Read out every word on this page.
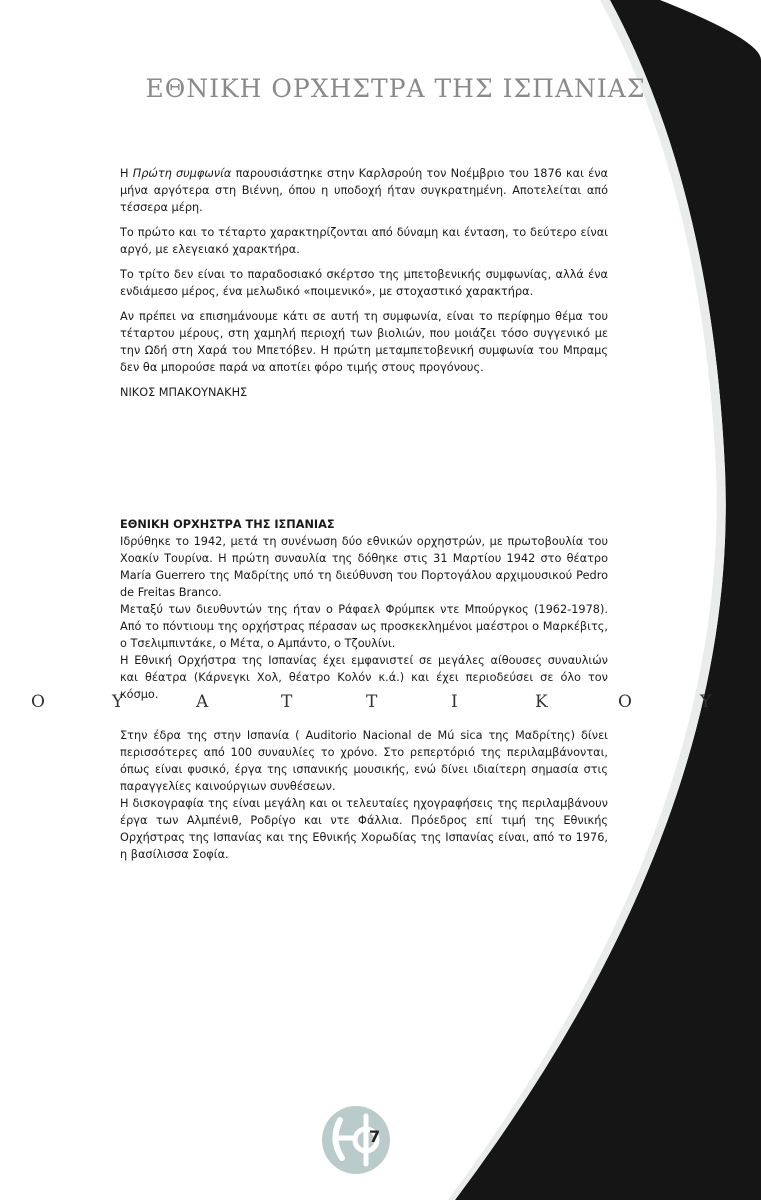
ΕΘΝΙΚΗ ΟΡΧΗΣΤΡΑ ΤΗΣ ΙΣΠΑΝΙΑΣ

Η Πρώτη συμφωνία παρουσιάστηκε στην Καρλσρούη τον Νοέμβριο του 1876 και ένα μήνα αργότερα στη Βιέννη, όπου η υποδοχή ήταν συγκρατημένη. Αποτελείται από τέσσερα μέρη.

Το πρώτο και το τέταρτο χαρακτηρίζονται από δύναμη και ένταση, το δεύτερο είναι αργό, με ελεγειακό χαρακτήρα.

Το τρίτο δεν είναι το παραδοσιακό σκέρτσο της μπετοβενικής συμφωνίας, αλλά ένα ενδιάμεσο μέρος, ένα μελωδικό «ποιμενικό», με στοχαστικό χαρακτήρα.

Αν πρέπει να επισημάνουμε κάτι σε αυτή τη συμφωνία, είναι το περίφημο θέμα του τέταρτου μέρους, στη χαμηλή περιοχή των βιολιών, που μοιάζει τόσο συγγενικό με την Ωδή στη Χαρά του Μπετόβεν. Η πρώτη μεταμπετοβενική συμφωνία του Μπραμς δεν θα μπορούσε παρά να αποτίει φόρο τιμής στους προγόνους.

ΝΙΚΟΣ ΜΠΑΚΟΥΝΑΚΗΣ

ΕΘΝΙΚΗ ΟΡΧΗΣΤΡΑ ΤΗΣ ΙΣΠΑΝΙΑΣ

Ιδρύθηκε το 1942, μετά τη συνένωση δύο εθνικών ορχηστρών, με πρωτοβουλία του Χοακίν Τουρίνα. Η πρώτη συναυλία της δόθηκε στις 31 Μαρτίου 1942 στο θέατρο María Guerrero της Μαδρίτης υπό τη διεύθυνση του Πορτογάλου αρχιμουσικού Pedro de Freitas Branco.

Μεταξύ των διευθυντών της ήταν ο Ράφαελ Φρύμπεκ ντε Μπούργκος (1962-1978). Από το πόντιουμ της ορχήστρας πέρασαν ως προσκεκλημένοι μαέστροι ο Μαρκέβιτς, ο Τσελιμπιντάκε, ο Μέτα, ο Αμπάντο, ο Τζουλίνι.

Η Εθνική Ορχήστρα της Ισπανίας έχει εμφανιστεί σε μεγάλες αίθουσες συναυλιών και θέατρα (Κάρνεγκι Χολ, θέατρο Κολόν κ.ά.) και έχει περιοδεύσει σε όλο τον κόσμο.

Ο	Υ	Α	Τ	Τ	Ι	Κ	Ο	Υ

Στην έδρα της στην Ισπανία ( Auditorio Nacional de Mú sica της Μαδρίτης) δίνει περισσότερες από 100 συναυλίες το χρόνο. Στο ρεπερτόριό της περιλαμβάνονται, όπως είναι φυσικό, έργα της ισπανικής μουσικής, ενώ δίνει ιδιαίτερη σημασία στις παραγγελίες καινούργιων συνθέσεων.

Η δισκογραφία της είναι μεγάλη και οι τελευταίες ηχογραφήσεις της περιλαμβάνουν έργα των Αλμπένιθ, Ροδρίγο και ντε Φάλλια. Πρόεδρος επί τιμή της Εθνικής Ορχήστρας της Ισπανίας και της Εθνικής Χορωδίας της Ισπανίας είναι, από το 1976, η βασίλισσα Σοφία.

7
